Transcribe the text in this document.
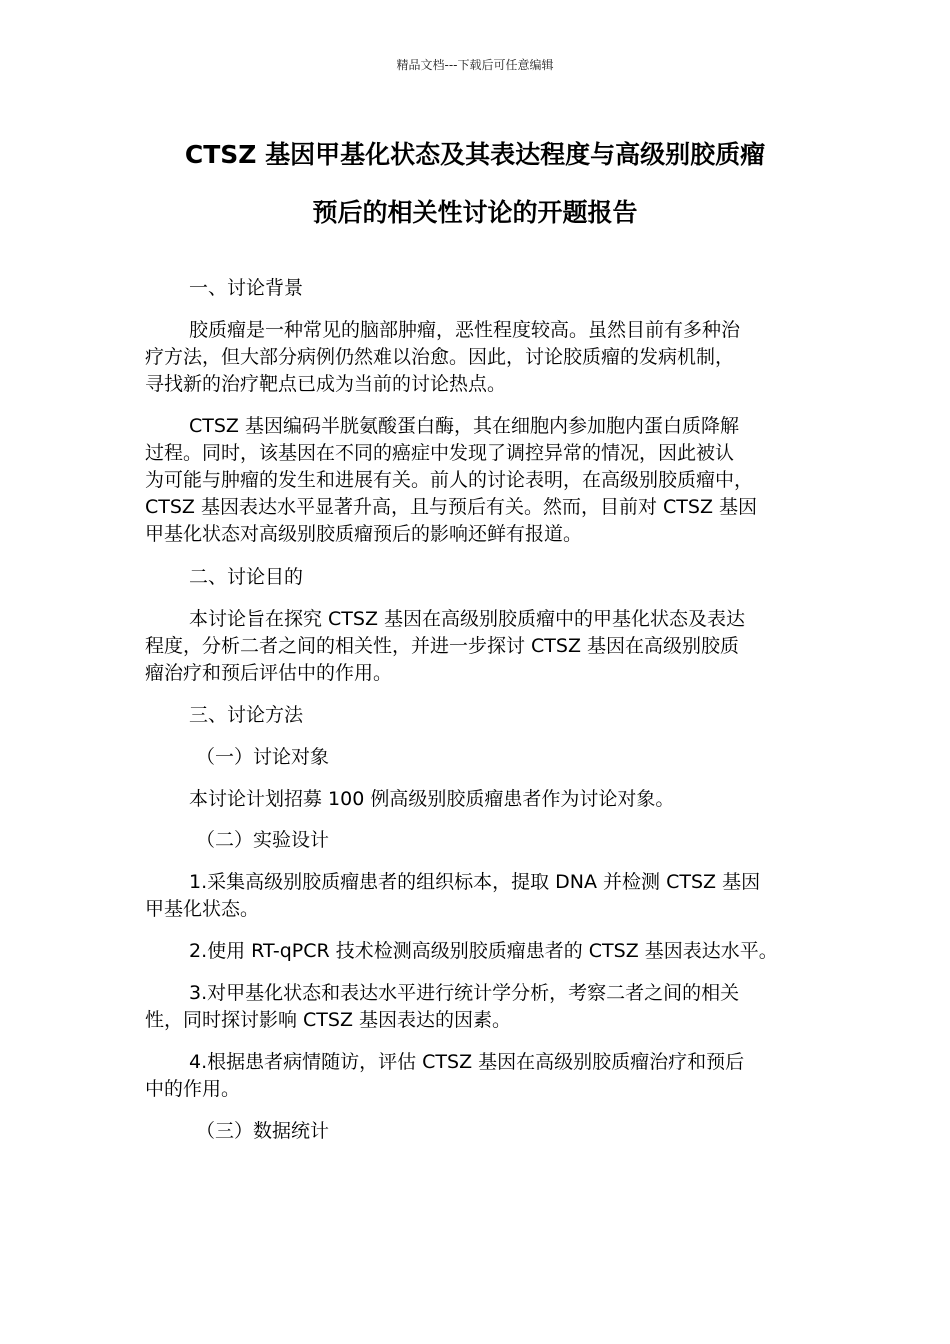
精品文档---下载后可任意编辑
CTSZ 基因甲基化状态及其表达程度与高级别胶质瘤
预后的相关性讨论的开题报告
一、讨论背景
胶质瘤是一种常见的脑部肿瘤，恶性程度较高。虽然目前有多种治
疗方法，但大部分病例仍然难以治愈。因此，讨论胶质瘤的发病机制，
寻找新的治疗靶点已成为当前的讨论热点。
CTSZ 基因编码半胱氨酸蛋白酶，其在细胞内参加胞内蛋白质降解
过程。同时，该基因在不同的癌症中发现了调控异常的情况，因此被认
为可能与肿瘤的发生和进展有关。前人的讨论表明，在高级别胶质瘤中，
CTSZ 基因表达水平显著升高，且与预后有关。然而，目前对 CTSZ 基因
甲基化状态对高级别胶质瘤预后的影响还鲜有报道。
二、讨论目的
本讨论旨在探究 CTSZ 基因在高级别胶质瘤中的甲基化状态及表达
程度，分析二者之间的相关性，并进一步探讨 CTSZ 基因在高级别胶质
瘤治疗和预后评估中的作用。
三、讨论方法
（一）讨论对象
本讨论计划招募 100 例高级别胶质瘤患者作为讨论对象。
（二）实验设计
1.采集高级别胶质瘤患者的组织标本，提取 DNA 并检测 CTSZ 基因
甲基化状态。
2.使用 RT-qPCR 技术检测高级别胶质瘤患者的 CTSZ 基因表达水平。
3.对甲基化状态和表达水平进行统计学分析，考察二者之间的相关
性，同时探讨影响 CTSZ 基因表达的因素。
4.根据患者病情随访，评估 CTSZ 基因在高级别胶质瘤治疗和预后
中的作用。
（三）数据统计
